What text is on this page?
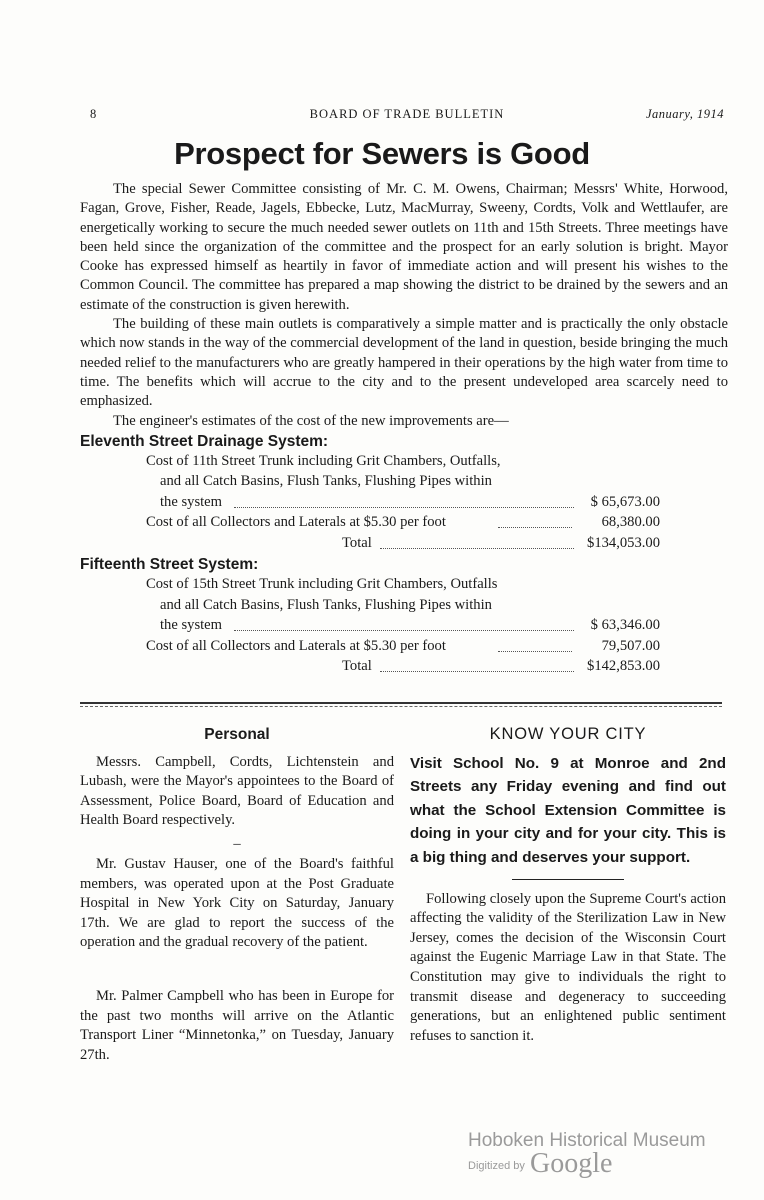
8	BOARD OF TRADE BULLETIN	January, 1914
Prospect for Sewers is Good

The special Sewer Committee consisting of Mr. C. M. Owens, Chairman; Messrs' White, Horwood, Fagan, Grove, Fisher, Reade, Jagels, Ebbecke, Lutz, MacMurray, Sweeny, Cordts, Volk and Wettlaufer, are energetically working to secure the much needed sewer outlets on 11th and 15th Streets. Three meetings have been held since the organization of the committee and the prospect for an early solution is bright. Mayor Cooke has expressed himself as heartily in favor of immediate action and will present his wishes to the Common Council. The committee has prepared a map showing the district to be drained by the sewers and an estimate of the construction is given herewith.

The building of these main outlets is comparatively a simple matter and is practically the only obstacle which now stands in the way of the commercial development of the land in question, beside bringing the much needed relief to the manufacturers who are greatly hampered in their operations by the high water from time to time. The benefits which will accrue to the city and to the present undeveloped area scarcely need to emphasized.

The engineer's estimates of the cost of the new improvements are—

Eleventh Street Drainage System:
Cost of 11th Street Trunk including Grit Chambers, Outfalls,
and all Catch Basins, Flush Tanks, Flushing Pipes within
the system	$ 65,673.00
Cost of all Collectors and Laterals at $5.30 per foot	68,380.00
Total	$134,053.00
Fifteenth Street System:
Cost of 15th Street Trunk including Grit Chambers, Outfalls
and all Catch Basins, Flush Tanks, Flushing Pipes within
the system	$ 63,346.00
Cost of all Collectors and Laterals at $5.30 per foot	79,507.00
Total	$142,853.00
Personal

Messrs. Campbell, Cordts, Lichtenstein and Lubash, were the Mayor's appointees to the Board of Assessment, Police Board, Board of Education and Health Board respectively.

–

Mr. Gustav Hauser, one of the Board's faithful members, was operated upon at the Post Graduate Hospital in New York City on Saturday, January 17th. We are glad to report the success of the operation and the gradual recovery of the patient.

Mr. Palmer Campbell who has been in Europe for the past two months will arrive on the Atlantic Transport Liner “Minnetonka,” on Tuesday, January 27th.

KNOW YOUR CITY
Visit School No. 9 at Monroe and 2nd Streets any Friday evening and find out what the School Extension Committee is doing in your city and for your city. This is a big thing and deserves your support.

Following closely upon the Supreme Court's action affecting the validity of the Sterilization Law in New Jersey, comes the decision of the Wisconsin Court against the Eugenic Marriage Law in that State. The Constitution may give to individuals the right to transmit disease and degeneracy to succeeding generations, but an enlightened public sentiment refuses to sanction it.

Hoboken Historical Museum
Digitized by Google
